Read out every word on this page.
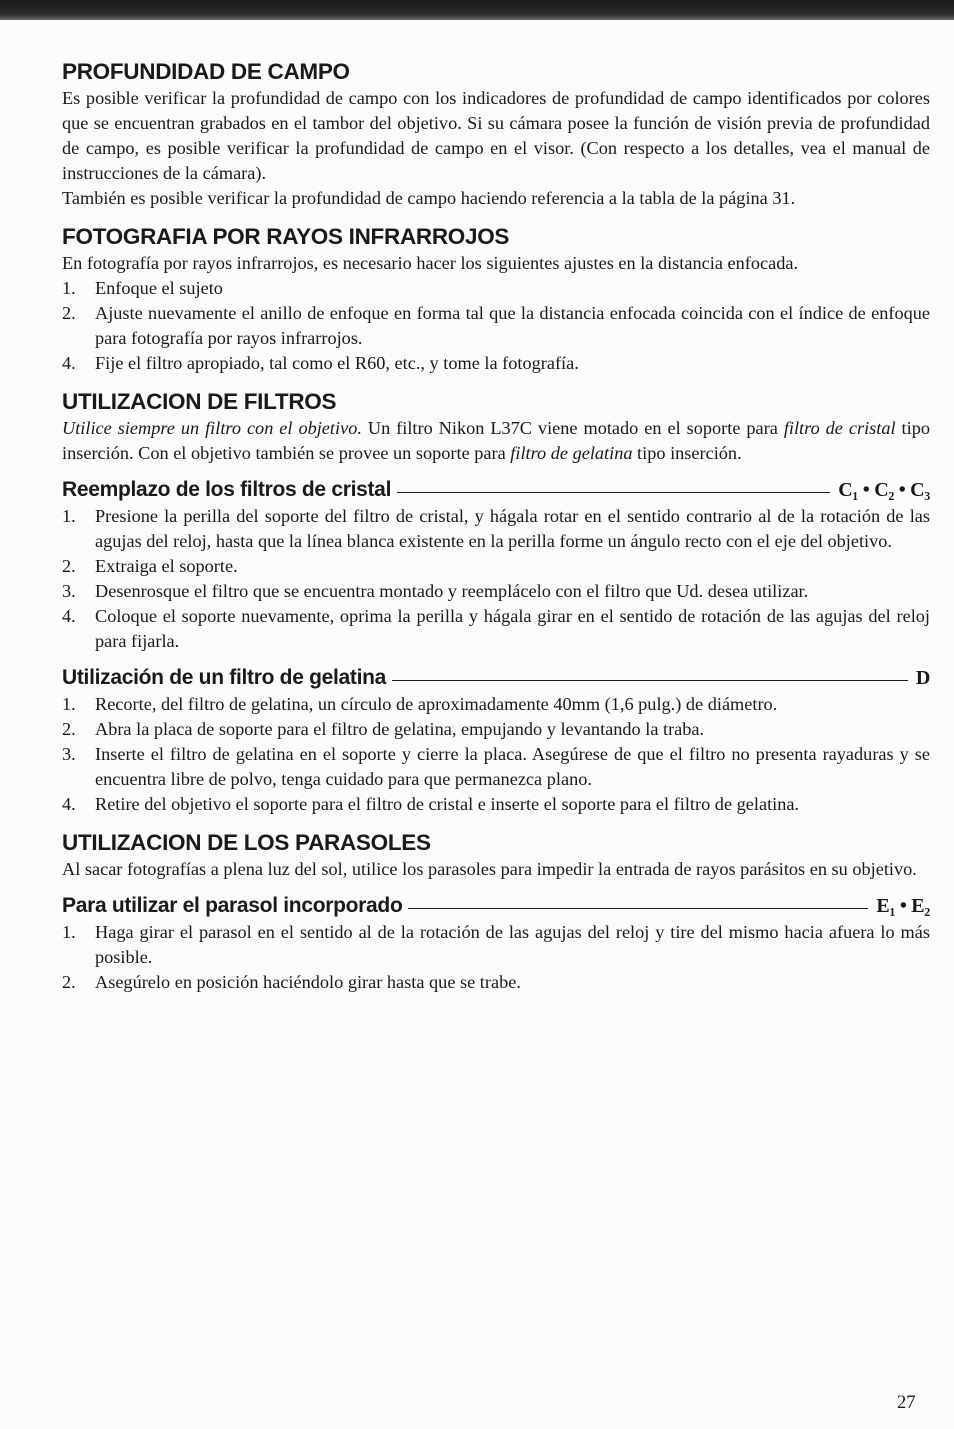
PROFUNDIDAD DE CAMPO

Es posible verificar la profundidad de campo con los indicadores de profundidad de campo identificados por colores que se encuentran grabados en el tambor del objetivo. Si su cámara posee la función de visión previa de profundidad de campo, es posible verificar la profundidad de campo en el visor. (Con respecto a los detalles, vea el manual de instrucciones de la cámara).

También es posible verificar la profundidad de campo haciendo referencia a la tabla de la página 31.

FOTOGRAFIA POR RAYOS INFRARROJOS

En fotografía por rayos infrarrojos, es necesario hacer los siguientes ajustes en la distancia enfocada.

1. Enfoque el sujeto
2. Ajuste nuevamente el anillo de enfoque en forma tal que la distancia enfocada coincida con el índice de enfoque para fotografía por rayos infrarrojos.
4. Fije el filtro apropiado, tal como el R60, etc., y tome la fotografía.
UTILIZACION DE FILTROS

Utilice siempre un filtro con el objetivo. Un filtro Nikon L37C viene motado en el soporte para filtro de cristal tipo inserción. Con el objetivo también se provee un soporte para filtro de gelatina tipo inserción.

Reemplazo de los filtros de cristal	C₁ • C₂ • C₃
1. Presione la perilla del soporte del filtro de cristal, y hágala rotar en el sentido contrario al de la rotación de las agujas del reloj, hasta que la línea blanca existente en la perilla forme un ángulo recto con el eje del objetivo.
2. Extraiga el soporte.
3. Desenrosque el filtro que se encuentra montado y reemplácelo con el filtro que Ud. desea utilizar.
4. Coloque el soporte nuevamente, oprima la perilla y hágala girar en el sentido de rotación de las agujas del reloj para fijarla.
Utilización de un filtro de gelatina	D
1. Recorte, del filtro de gelatina, un círculo de aproximadamente 40mm (1,6 pulg.) de diámetro.
2. Abra la placa de soporte para el filtro de gelatina, empujando y levantando la traba.
3. Inserte el filtro de gelatina en el soporte y cierre la placa. Asegúrese de que el filtro no presenta rayaduras y se encuentra libre de polvo, tenga cuidado para que permanezca plano.
4. Retire del objetivo el soporte para el filtro de cristal e inserte el soporte para el filtro de gelatina.
UTILIZACION DE LOS PARASOLES

Al sacar fotografías a plena luz del sol, utilice los parasoles para impedir la entrada de rayos parásitos en su objetivo.

Para utilizar el parasol incorporado	E₁ • E₂
1. Haga girar el parasol en el sentido al de la rotación de las agujas del reloj y tire del mismo hacia afuera lo más posible.
2. Asegúrelo en posición haciéndolo girar hasta que se trabe.
27
